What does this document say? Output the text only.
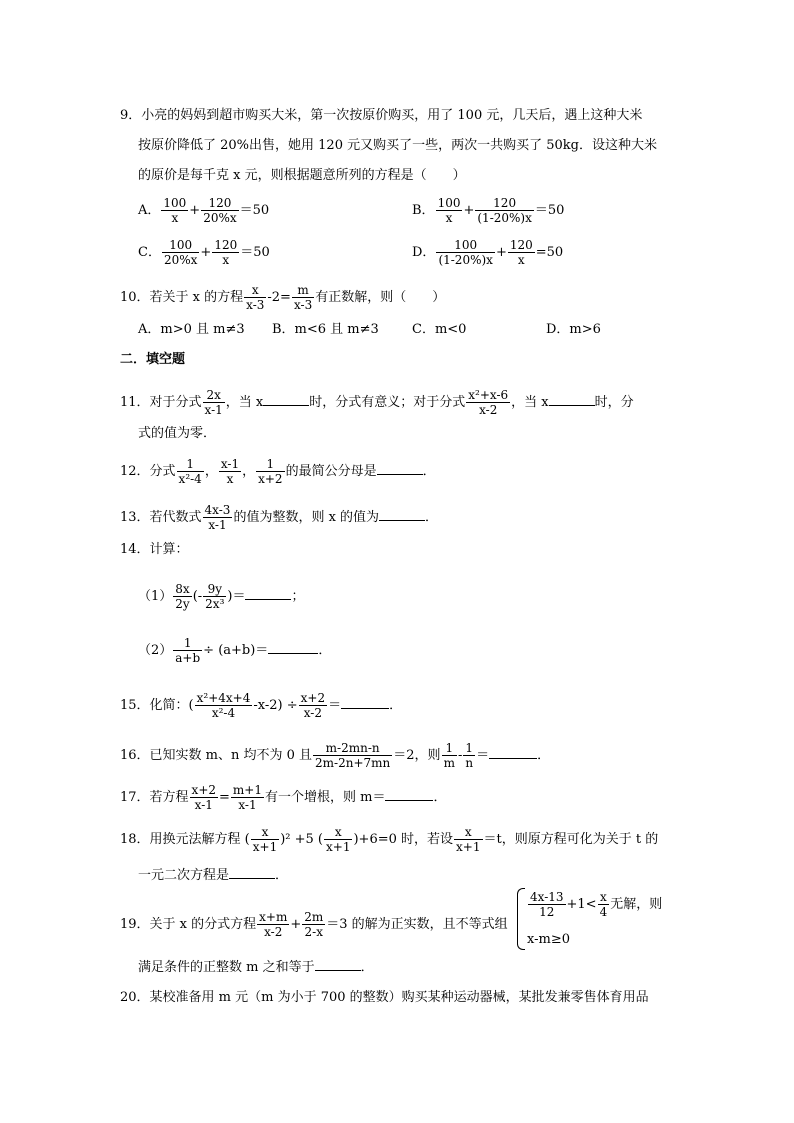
9．小亮的妈妈到超市购买大米，第一次按原价购买，用了 100 元，几天后，遇上这种大米
按原价降低了 20%出售，她用 120 元又购买了一些，两次一共购买了 50kg．设这种大米
的原价是每千克 x 元，则根据题意所列的方程是（　　）
A． $\frac{100}{x} + \frac{120}{20\%x} =50$	B． $\frac{100}{x} + \frac{120}{(1-20\%)x} =50$
C． $\frac{100}{20\%x} + \frac{120}{x} =50$	D． $\frac{100}{(1-20\%)x} + \frac{120}{x} =50$
10．若关于 x 的方程 $\frac{x}{x-3} -2= \frac{m}{x-3}$ 有正数解，则（　　）
A．m>0 且 m≠3 B．m<6 且 m≠3	C．m<0	D．m>6
二．填空题
11．对于分式 $\frac{2x}{x-1}$ ，当 x	时，分式有意义；对于分式 $\frac{\text{x²+x-6}}{x-2}$ ，当 x	时，分
式的值为零．
12．分式 $\frac{1}{\text{x²-4}}$ ， $\frac{x-1}{x}$ ， $\frac{1}{x+2}$ 的最简公分母是	．
13．若代数式 $\frac{4x-3}{x-1}$ 的值为整数，则 x 的值为	．
14．计算：
$(1) \frac{8x}{2y}$ (- $\frac{9y}{\text{2x³}}$ )＝	；
$(2) \frac{1}{a+b} \div (a+b)=$	．
15．化简：( $\frac{\text{x²+4x+4}}{\text{x²-4}} -x-2) \div \frac{x+2}{x-2}$ ＝	．
16．已知实数 m、n 均不为 0 且 $\frac{m-2mn-n}{2m-2n+7mn} =2$，则 $\frac{1}{m} - \frac{1}{n}$ ＝	．
17．若方程 $\frac{x+2}{x-1} = \frac{m+1}{x-1}$ 有一个增根，则 m＝	．
18．用换元法解方程 ( $\frac{x}{x+1} )^2 +5$ ( $\frac{x}{x+1} )+6=0$ 时，若设 $\frac{x}{x+1} =t$，则原方程可化为关于 t 的
一元二次方程是	．
19．关于 x 的分式方程 $\frac{x+m}{x-2} + \frac{2m}{2-x} =3$ 的解为正实数，且不等式组
$\frac{4x-13}{12} +1< \frac{x}{4}$ 无解，则
x-m≥0
满足条件的正整数 m 之和等于	．
20．某校准备用 m 元（m 为小于 700 的整数）购买某种运动器械，某批发兼零售体育用品
